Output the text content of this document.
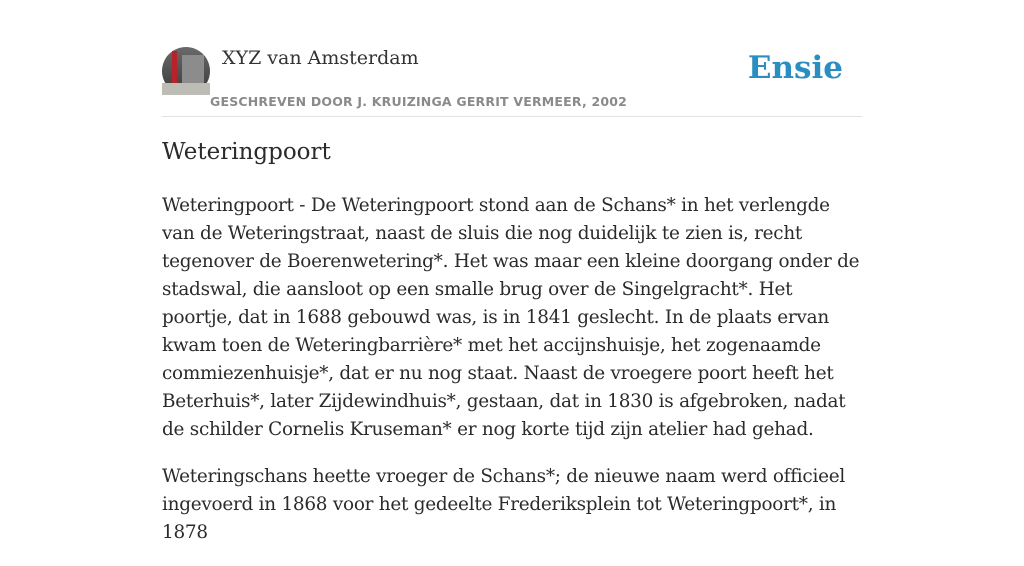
XYZ van Amsterdam
GESCHREVEN DOOR J. KRUIZINGA GERRIT VERMEER, 2002
Ensie
Weteringpoort

Weteringpoort - De Weteringpoort stond aan de Schans* in het verlengde van de Weteringstraat, naast de sluis die nog duidelijk te zien is, recht tegenover de Boerenwetering*. Het was maar een kleine doorgang onder de stadswal, die aansloot op een smalle brug over de Singelgracht*. Het poortje, dat in 1688 gebouwd was, is in 1841 geslecht. In de plaats ervan kwam toen de Weteringbarrière* met het accijnshuisje, het zogenaamde commiezenhuisje*, dat er nu nog staat. Naast de vroegere poort heeft het Beterhuis*, later Zijdewindhuis*, gestaan, dat in 1830 is afgebroken, nadat de schilder Cornelis Kruseman* er nog korte tijd zijn atelier had gehad.

Weteringschans heette vroeger de Schans*; de nieuwe naam werd officieel ingevoerd in 1868 voor het gedeelte Frederiksplein tot Weteringpoort*, in 1878
